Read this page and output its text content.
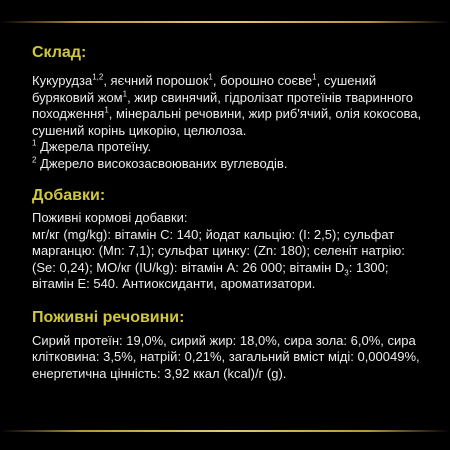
Склад:

Кукурудза$^{1,2}$, яєчний порошок$^1$, борошно соєве$^1$, сушений буряковий жом$^1$, жир свинячий, гідролізат протеїнів тваринного походження$^1$, мінеральні речовини, жир риб'ячий, олія кокосова, сушений корінь цикорію, целюлоза.

$^1$ Джерела протеїну.

$^2$ Джерело високозасвоюваних вуглеводів.

Добавки:

Поживні кормові добавки:

мг/кг (mg/kg): вітамін C: 140; йодат кальцію: (I: 2,5); сульфат марганцю: (Mn: 7,1); сульфат цинку: (Zn: 180); селеніт натрію: (Se: 0,24); МО/кг (IU/kg): вітамін A: 26 000; вітамін $D_3$: 1300; вітамін E: 540. Антиоксиданти, ароматизатори.

Поживні речовини:

Сирий протеїн: 19,0%, сирий жир: 18,0%, сира зола: 6,0%, сира клітковина: 3,5%, натрій: 0,21%, загальний вміст міді: 0,00049%, енергетична цінність: 3,92 ккал (kcal)/г (g).
